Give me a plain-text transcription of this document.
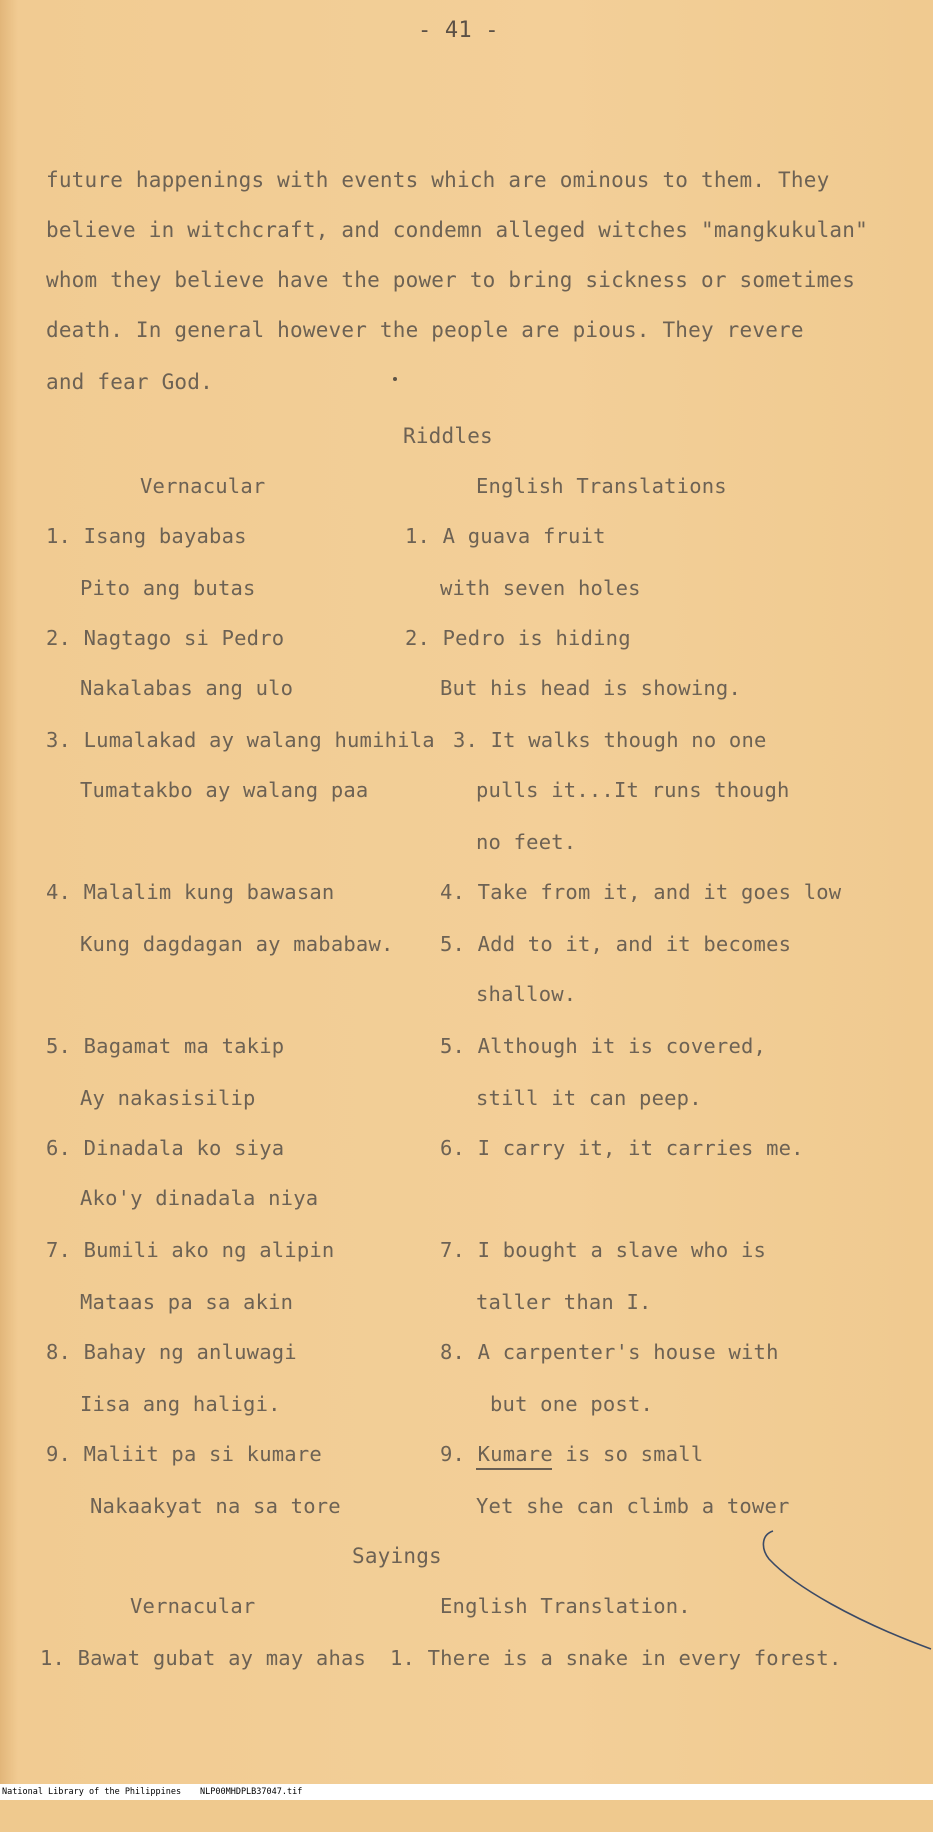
- 41 -
future happenings with events which are ominous to them. They
believe in witchcraft, and condemn alleged witches "mangkukulan"
whom they believe have the power to bring sickness or sometimes
death. In general however the people are pious. They revere
and fear God.
Riddles
Vernacular	English Translations
1. Isang bayabas
Pito ang butas
1. A guava fruit
with seven holes
2. Nagtago si Pedro
Nakalabas ang ulo
2. Pedro is hiding
But his head is showing.
3. Lumalakad ay walang humihila
Tumatakbo ay walang paa
3. It walks though no one
pulls it...It runs though
no feet.
4. Malalim kung bawasan
Kung dagdagan ay mababaw.
4. Take from it, and it goes low
5. Add to it, and it becomes
shallow.
5. Bagamat ma takip
Ay nakasisilip
5. Although it is covered,
still it can peep.
6. Dinadala ko siya
Ako'y dinadala niya
6. I carry it, it carries me.
7. Bumili ako ng alipin
Mataas pa sa akin
7. I bought a slave who is
taller than I.
8. Bahay ng anluwagi
Iisa ang haligi.
8. A carpenter's house with
but one post.
9. Maliit pa si kumare
Nakaakyat na sa tore
9. Kumare is so small
Yet she can climb a tower
Sayings
Vernacular	English Translation.
1. Bawat gubat ay may ahas 1. There is a snake in every forest.

National Library of the Philippines

NLP00MHDPLB37047.tif
